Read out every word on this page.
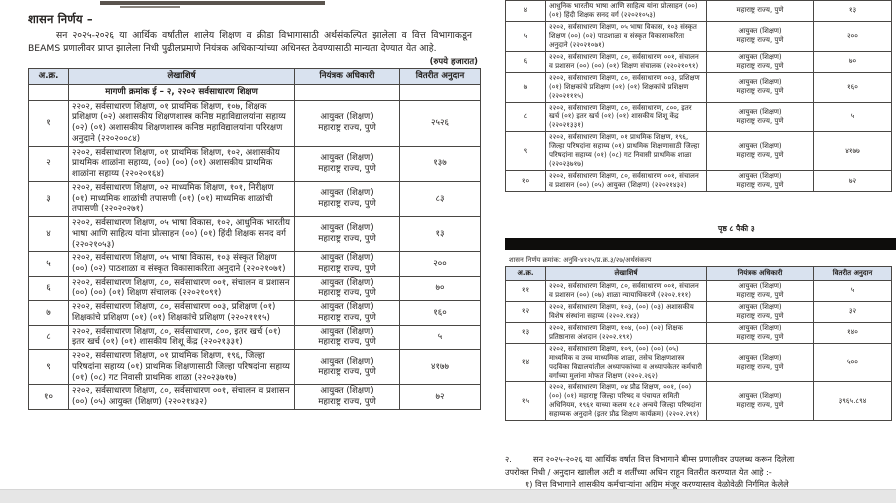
शासन निर्णय –
सन २०२५-२०२६ या आर्थिक वर्षातील शालेय शिक्षण व क्रीडा विभागासाठी अर्थसंकल्पित झालेला व वित्त विभागाकडून BEAMS प्रणालीवर प्राप्त झालेला निधी पुढीलप्रमाणे नियंत्रक अधिकाऱ्यांच्या अधिनस्त ठेवण्यासाठी मान्यता देण्यात येत आहे.
(रुपये हजारात)
अ.क्र.	लेखाशिर्ष	नियंत्रक अधिकारी	वितरीत अनुदान
	मागणी क्रमांक ई – २, २२०२ सर्वसाधारण शिक्षण		
१	२२०२, सर्वसाधारण शिक्षण, ०१ प्राथमिक शिक्षण, १०७, शिक्षक प्रशिक्षण (०२) अशासकीय शिक्षणशास्त्र कनिष्ठ महाविद्यालयांना सहाय्य (०२) (०१) अशासकीय शिक्षणशास्त्र कनिष्ठ महाविद्यालयांना परिरक्षण अनुदाने (२२०२००८४)	आयुक्त (शिक्षण)
महाराष्ट्र राज्य, पुणे	२५२६
२	२२०२, सर्वसाधारण शिक्षण, ०१ प्राथमिक शिक्षण, १०२, अशासकीय प्राथमिक शाळांना सहाय्य, (००) (००) (०१) अशासकीय प्राथमिक शाळांना सहाय्य (२२०२०१६४)	आयुक्त (शिक्षण)
महाराष्ट्र राज्य, पुणे	१३७
३	२२०२, सर्वसाधारण शिक्षण, ०२ माध्यमिक शिक्षण, १०१, निरीक्षण (०१) माध्यमिक शाळांची तपासणी (०१) (०१) माध्यमिक शाळांची तपासणी (२२०२०२७१)	आयुक्त (शिक्षण)
महाराष्ट्र राज्य, पुणे	८३
४	२२०२, सर्वसाधारण शिक्षण, ०५ भाषा विकास, १०२, आधुनिक भारतीय भाषा आणि साहित्य यांना प्रोत्साहन (००) (०१) हिंदी शिक्षक सनद वर्ग (२२०२१०५३)	आयुक्त (शिक्षण)
महाराष्ट्र राज्य, पुणे	१३
५	२२०२, सर्वसाधारण शिक्षण, ०५ भाषा विकास, १०३ संस्कृत शिक्षण (००) (०२) पाठशाळा व संस्कृत विकासाकरिता अनुदाने (२२०२१०७१)	आयुक्त (शिक्षण)
महाराष्ट्र राज्य, पुणे	२००
६	२२०२, सर्वसाधारण शिक्षण, ८०, सर्वसाधारण ००१, संचालन व प्रशासन (००) (००) (०१) शिक्षण संचालक (२२०२१०९१)	आयुक्त (शिक्षण)
महाराष्ट्र राज्य, पुणे	७०
७	२२०२, सर्वसाधारण शिक्षण, ८०, सर्वसाधारण ००३, प्रशिक्षण (०१) शिक्षकांचे प्रशिक्षण (०१) (०१) शिक्षकांचे प्रशिक्षण (२२०२१११५)	आयुक्त (शिक्षण)
महाराष्ट्र राज्य, पुणे	१६०
८	२२०२, सर्वसाधारण शिक्षण, ८०, सर्वसाधारण, ८००, इतर खर्च (०१) इतर खर्च (०१) (०१) शासकीय शिशू केंद्र (२२०२१३३१)	आयुक्त (शिक्षण)
महाराष्ट्र राज्य, पुणे	५
९	२२०२, सर्वसाधारण शिक्षण, ०१ प्राथमिक शिक्षण, १९६, जिल्हा परिषदांना सहाय्य (०१) प्राथमिक शिक्षणासाठी जिल्हा परिषदांना सहाय्य (०१) (०८) गट निवासी प्राथमिक शाळा (२२०२३७१७)	आयुक्त (शिक्षण)
महाराष्ट्र राज्य, पुणे	४१७७
१०	२२०२, सर्वसाधारण शिक्षण, ८०, सर्वसाधारण ००१, संचालन व प्रशासन (००) (०५) आयुक्त (शिक्षण) (२२०२१४३२)	आयुक्त (शिक्षण)
महाराष्ट्र राज्य, पुणे	७२
४	आधुनिक भारतीय भाषा आणि साहित्य यांना प्रोत्साहन (००) (०१) हिंदी शिक्षक सनद वर्ग (२२०२१०५३)	महाराष्ट्र राज्य, पुणे	१३
५	२२०२, सर्वसाधारण शिक्षण, ०५ भाषा विकास, १०३ संस्कृत शिक्षण (००) (०२) पाठशाळा व संस्कृत विकासाकरिता अनुदाने (२२०२१०७१)	आयुक्त (शिक्षण)
महाराष्ट्र राज्य, पुणे	२००
६	२२०२, सर्वसाधारण शिक्षण, ८०, सर्वसाधारण ००१, संचालन व प्रशासन (००) (००) (०१) शिक्षण संचालक (२२०२१०९१)	आयुक्त (शिक्षण)
महाराष्ट्र राज्य, पुणे	७०
७	२२०२, सर्वसाधारण शिक्षण, ८०, सर्वसाधारण ००३, प्रशिक्षण (०१) शिक्षकांचे प्रशिक्षण (०१) (०१) शिक्षकांचे प्रशिक्षण (२२०२१११५)	आयुक्त (शिक्षण)
महाराष्ट्र राज्य, पुणे	१६०
८	२२०२, सर्वसाधारण शिक्षण, ८०, सर्वसाधारण, ८००, इतर खर्च (०१) इतर खर्च (०१) (०१) शासकीय शिशू केंद्र (२२०२१३३१)	आयुक्त (शिक्षण)
महाराष्ट्र राज्य, पुणे	५
९	२२०२, सर्वसाधारण शिक्षण, ०१ प्राथमिक शिक्षण, १९६, जिल्हा परिषदांना सहाय्य (०१) प्राथमिक शिक्षणासाठी जिल्हा परिषदांना सहाय्य (०१) (०८) गट निवासी प्राथमिक शाळा (२२०२३७१७)	आयुक्त (शिक्षण)
महाराष्ट्र राज्य, पुणे	४१७७
१०	२२०२, सर्वसाधारण शिक्षण, ८०, सर्वसाधारण ००१, संचालन व प्रशासन (००) (०५) आयुक्त (शिक्षण) (२२०२१४३२)	आयुक्त (शिक्षण)
महाराष्ट्र राज्य, पुणे	७२
पृष्ठ ८ पैकी ३
शासन निर्णय क्रमांक: अनुवि-४१२५/प्र.क्र.३/२७/अर्थसंकल्प
अ.क्र.	लेखाशिर्ष	नियंत्रक अधिकारी	वितरीत अनुदान
११	२२०२, सर्वसाधारण शिक्षण, ८०, सर्वसाधारण ००१, संचालन व प्रशासन (००) (०७) शाळा न्यायाधिकरणे (२२०२.१११)	आयुक्त (शिक्षण)
महाराष्ट्र राज्य, पुणे	५
१२	२२०२, सर्वसाधारण शिक्षण, १०३, (००) (०३) अशासकीय विशेष संस्थांना सहाय्य (२२०२.१४३)	आयुक्त (शिक्षण)
महाराष्ट्र राज्य, पुणे	३२
१३	२२०२, सर्वसाधारण शिक्षण, १०४, (००) (०२) शिक्षक प्रतिष्ठानास अंशदान (२२०२.१९१)	आयुक्त (शिक्षण)
महाराष्ट्र राज्य, पुणे	१४०
१४	२२०२, सर्वसाधारण शिक्षण, १०९, (००) (००) (०५) माध्यमिक व उच्च माध्यमिक शाळा, तसेच शिक्षणशास्त्र पदविका विद्यालयांतील अध्यापकांच्या व अध्यापकेतर कर्मचारी वर्गाच्या मुलांना मोफत शिक्षण (२२०२.२६२)	आयुक्त (शिक्षण)
महाराष्ट्र राज्य, पुणे	५००
१५	२२०२, सर्वसाधारण शिक्षण, ०४ प्रौढ शिक्षण, ००१, (००) (००) (०१) महाराष्ट्र जिल्हा परिषद व पंचायत समिती अधिनियम, १९६१ याच्या कलम १८२ अन्वये जिल्हा परिषदांना सहाय्यक अनुदाने (इतर प्रौढ शिक्षण कार्यक्रम) (२२०२.२९१)	आयुक्त (शिक्षण)
महाराष्ट्र राज्य, पुणे	३९६५.८९४
२.	सन २०२५-२०२६ या आर्थिक वर्षात वित्त विभागाने बीम्स प्रणालीवर उपलब्ध करून दिलेला
उपरोक्त निधी / अनुदान खालील अटी व शर्तींच्या अधिन राहून वितरीत करण्यात येत आहे :-
१) वित्त विभागाने शासकीय कर्मचाऱ्यांना अग्रिम मंजूर करण्यास्तव वेळोवेळी निर्गमित केलेले
